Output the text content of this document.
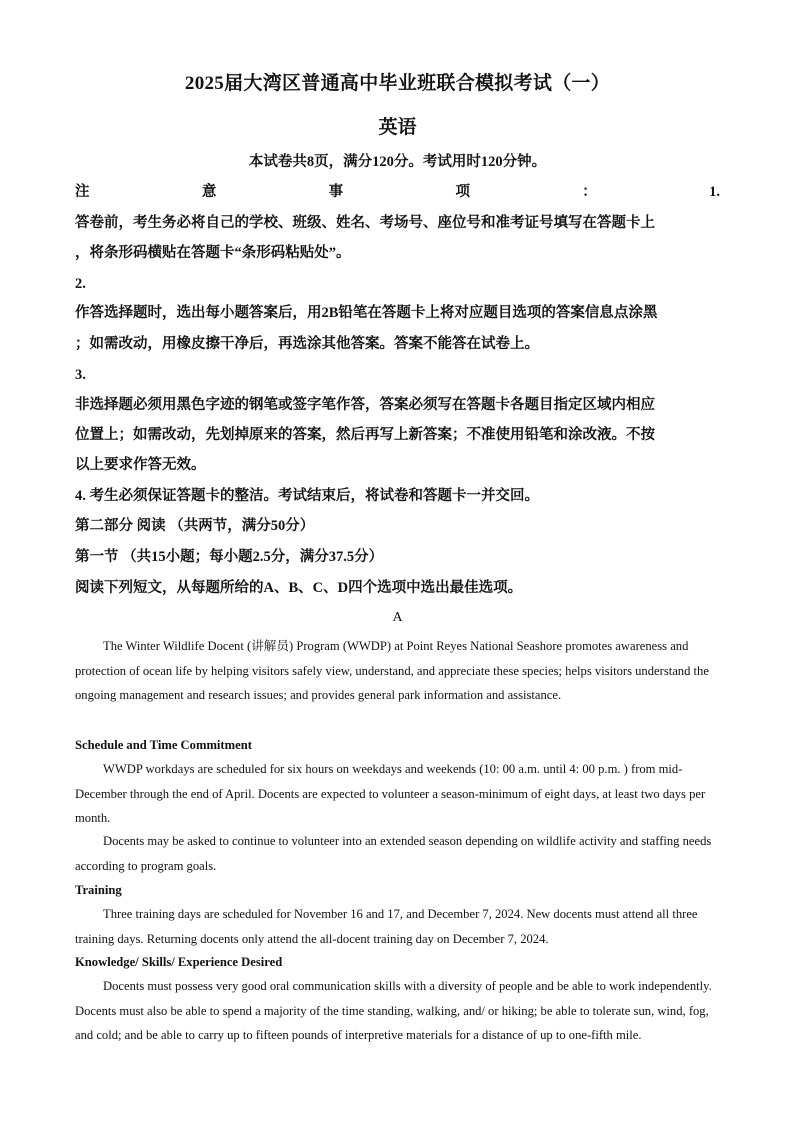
2025届大湾区普通高中毕业班联合模拟考试（一）
英语
本试卷共8页，满分120分。考试用时120分钟。
注	意	事	项	：	1.
答卷前，考生务必将自己的学校、班级、姓名、考场号、座位号和准考证号填写在答题卡上
，将条形码横贴在答题卡“条形码粘贴处”。
2.
作答选择题时，选出每小题答案后，用2B铅笔在答题卡上将对应题目选项的答案信息点涂黑
；如需改动，用橡皮擦干净后，再选涂其他答案。答案不能答在试卷上。
3.
非选择题必须用黑色字迹的钢笔或签字笔作答，答案必须写在答题卡各题目指定区域内相应
位置上；如需改动，先划掉原来的答案，然后再写上新答案；不准使用铅笔和涂改液。不按
以上要求作答无效。
4. 考生必须保证答题卡的整洁。考试结束后，将试卷和答题卡一并交回。
第二部分 阅读 （共两节，满分50分）
第一节 （共15小题；每小题2.5分，满分37.5分）
阅读下列短文，从每题所给的A、B、C、D四个选项中选出最佳选项。
A

The Winter Wildlife Docent (讲解员) Program (WWDP) at Point Reyes National Seashore promotes awareness and protection of ocean life by helping visitors safely view, understand, and appreciate these species; helps visitors understand the ongoing management and research issues; and provides general park information and assistance.

Schedule and Time Commitment

WWDP workdays are scheduled for six hours on weekdays and weekends (10: 00 a.m. until 4: 00 p.m. ) from mid-December through the end of April. Docents are expected to volunteer a season-minimum of eight days, at least two days per month.

Docents may be asked to continue to volunteer into an extended season depending on wildlife activity and staffing needs according to program goals.

Training

Three training days are scheduled for November 16 and 17, and December 7, 2024. New docents must attend all three training days. Returning docents only attend the all-docent training day on December 7, 2024.

Knowledge/ Skills/ Experience Desired

Docents must possess very good oral communication skills with a diversity of people and be able to work independently. Docents must also be able to spend a majority of the time standing, walking, and/ or hiking; be able to tolerate sun, wind, fog, and cold; and be able to carry up to fifteen pounds of interpretive materials for a distance of up to one-fifth mile.
